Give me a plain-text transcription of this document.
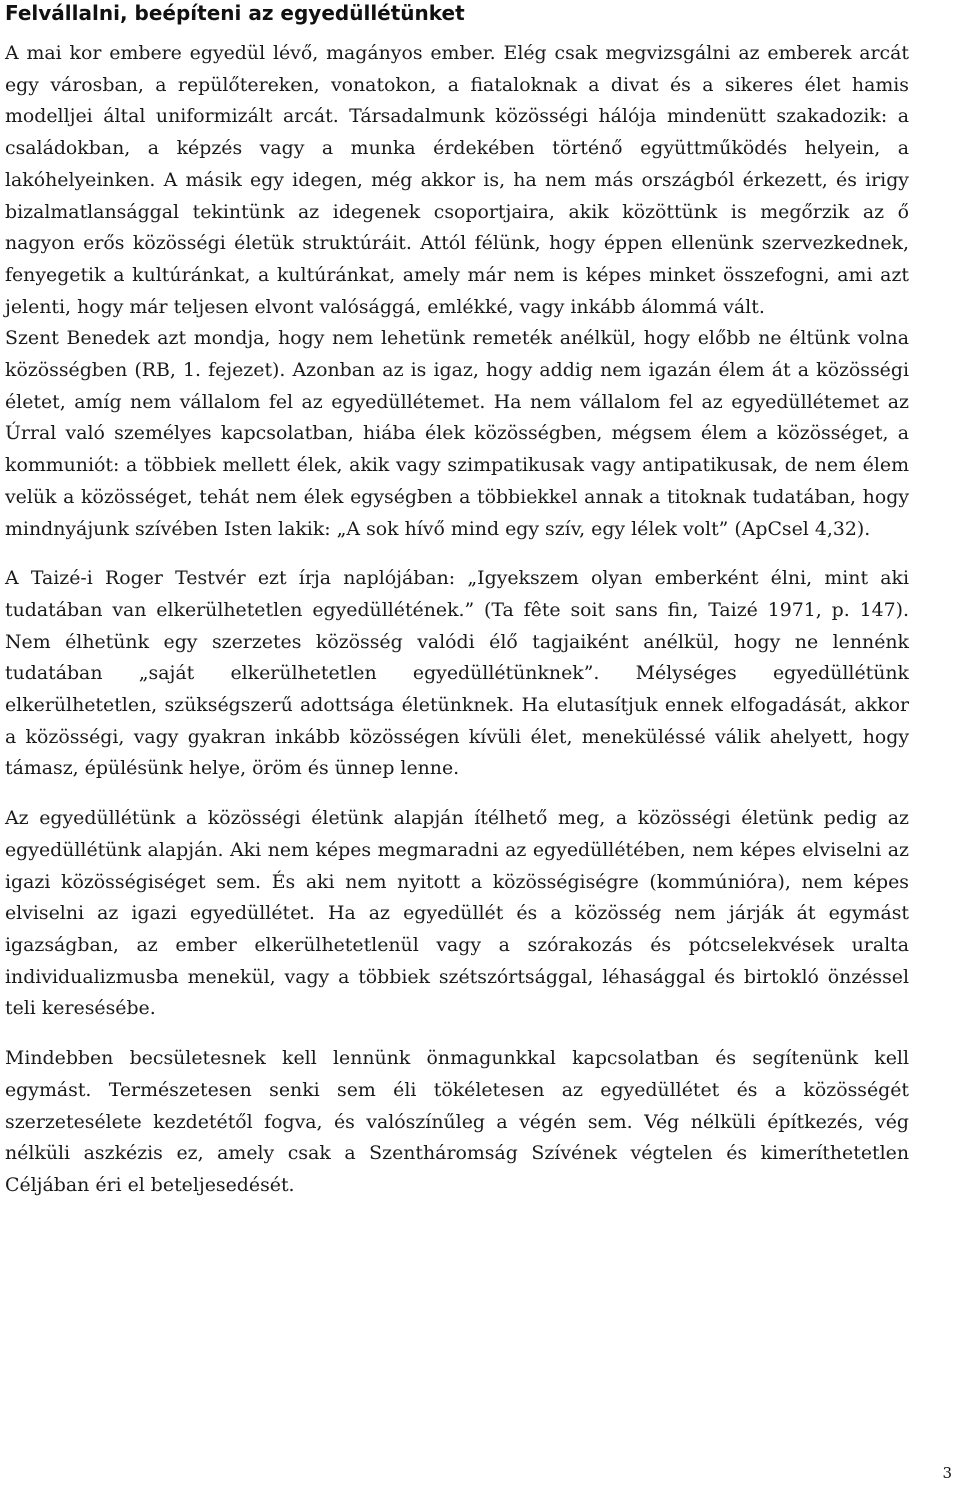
Felvállalni, beépíteni az egyedüllétünket

A mai kor embere egyedül lévő, magányos ember. Elég csak megvizsgálni az emberek arcát egy városban, a repülőtereken, vonatokon, a fiataloknak a divat és a sikeres élet hamis modelljei által uniformizált arcát. Társadalmunk közösségi hálója mindenütt szakadozik: a családokban, a képzés vagy a munka érdekében történő együttműködés helyein, a lakóhelyeinken. A másik egy idegen, még akkor is, ha nem más országból érkezett, és irigy bizalmatlansággal tekintünk az idegenek csoportjaira, akik közöttünk is megőrzik az ő nagyon erős közösségi életük struktúráit. Attól félünk, hogy éppen ellenünk szervezkednek, fenyegetik a kultúránkat, a kultúránkat, amely már nem is képes minket összefogni, ami azt jelenti, hogy már teljesen elvont valósággá, emlékké, vagy inkább álommá vált.

Szent Benedek azt mondja, hogy nem lehetünk remeték anélkül, hogy előbb ne éltünk volna közösségben (RB, 1. fejezet). Azonban az is igaz, hogy addig nem igazán élem át a közösségi életet, amíg nem vállalom fel az egyedüllétemet. Ha nem vállalom fel az egyedüllétemet az Úrral való személyes kapcsolatban, hiába élek közösségben, mégsem élem a közösséget, a kommuniót: a többiek mellett élek, akik vagy szimpatikusak vagy antipatikusak, de nem élem velük a közösséget, tehát nem élek egységben a többiekkel annak a titoknak tudatában, hogy mindnyájunk szívében Isten lakik: „A sok hívő mind egy szív, egy lélek volt” (ApCsel 4,32).

A Taizé-i Roger Testvér ezt írja naplójában: „Igyekszem olyan emberként élni, mint aki tudatában van elkerülhetetlen egyedüllétének.” (Ta fête soit sans fin, Taizé 1971, p. 147). Nem élhetünk egy szerzetes közösség valódi élő tagjaiként anélkül, hogy ne lennénk tudatában „saját elkerülhetetlen egyedüllétünknek”. Mélységes egyedüllétünk elkerülhetetlen, szükségszerű adottsága életünknek. Ha elutasítjuk ennek elfogadását, akkor a közösségi, vagy gyakran inkább közösségen kívüli élet, meneküléssé válik ahelyett, hogy támasz, épülésünk helye, öröm és ünnep lenne.

Az egyedüllétünk a közösségi életünk alapján ítélhető meg, a közösségi életünk pedig az egyedüllétünk alapján. Aki nem képes megmaradni az egyedüllétében, nem képes elviselni az igazi közösségiséget sem. És aki nem nyitott a közösségiségre (kommúnióra), nem képes elviselni az igazi egyedüllétet. Ha az egyedüllét és a közösség nem járják át egymást igazságban, az ember elkerülhetetlenül vagy a szórakozás és pótcselekvések uralta individualizmusba menekül, vagy a többiek szétszórtsággal, léhasággal és birtokló önzéssel teli keresésébe.

Mindebben becsületesnek kell lennünk önmagunkkal kapcsolatban és segítenünk kell egymást. Természetesen senki sem éli tökéletesen az egyedüllétet és a közösségét szerzetesélete kezdetétől fogva, és valószínűleg a végén sem. Vég nélküli építkezés, vég nélküli aszkézis ez, amely csak a Szentháromság Szívének végtelen és kimeríthetetlen Céljában éri el beteljesedését.

3
